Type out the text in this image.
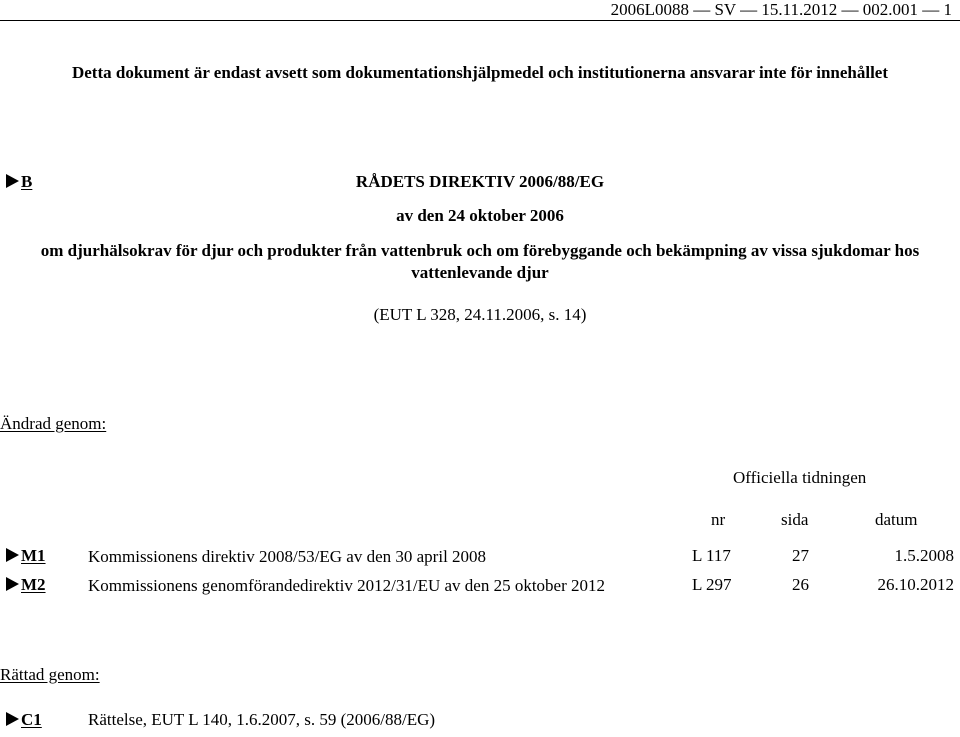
2006L0088 — SV — 15.11.2012 — 002.001 — 1
Detta dokument är endast avsett som dokumentationshjälpmedel och institutionerna ansvarar inte för innehållet
B	RÅDETS DIREKTIV 2006/88/EG
av den 24 oktober 2006
om djurhälsokrav för djur och produkter från vattenbruk och om förebyggande och bekämpning av vissa sjukdomar hos vattenlevande djur
(EUT L 328, 24.11.2006, s. 14)
Ändrad genom:
Officiella tidningen
nr	sida	datum
M1 Kommissionens direktiv 2008/53/EG av den 30 april 2008	L 117	27	1.5.2008
M2 Kommissionens genomförandedirektiv 2012/31/EU av den 25 oktober 2012	L 297	26	26.10.2012
Rättad genom:
C1	Rättelse, EUT L 140, 1.6.2007, s. 59 (2006/88/EG)
